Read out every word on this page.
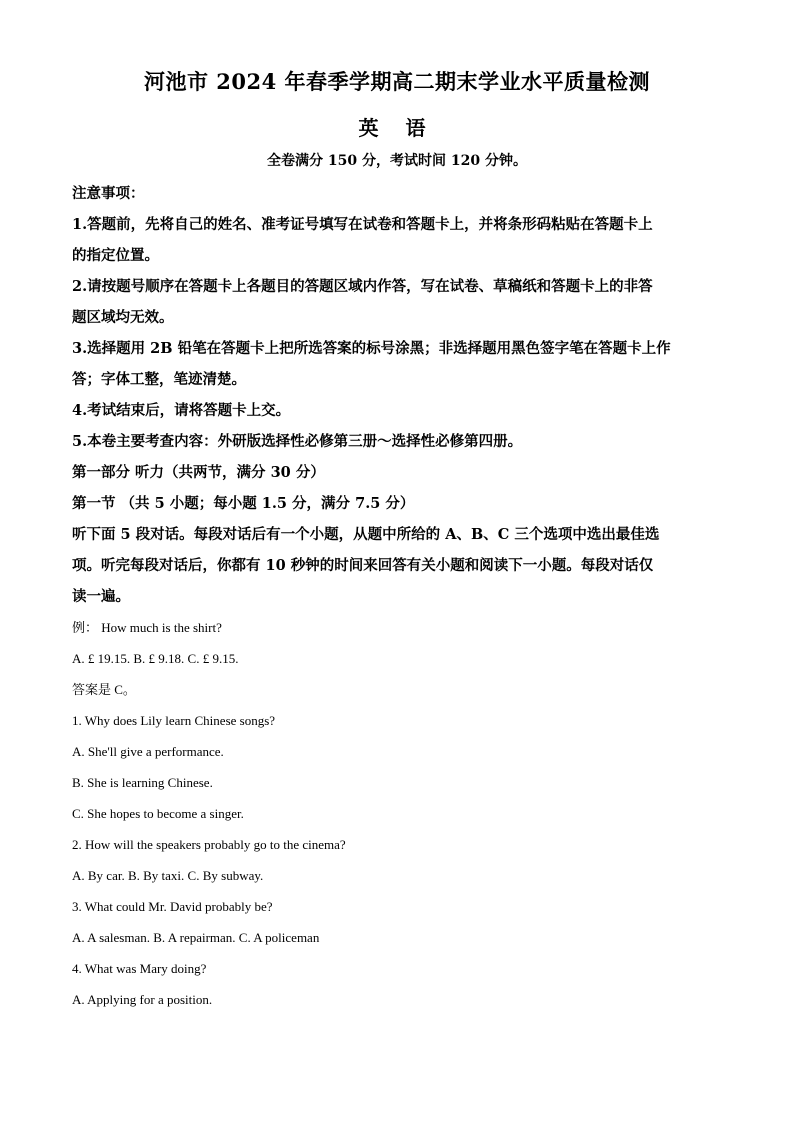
河池市 2024 年春季学期高二期末学业水平质量检测
英 语
全卷满分 150 分，考试时间 120 分钟。

注意事项：

1.答题前，先将自己的姓名、准考证号填写在试卷和答题卡上，并将条形码粘贴在答题卡上

的指定位置。

2.请按题号顺序在答题卡上各题目的答题区域内作答，写在试卷、草稿纸和答题卡上的非答

题区域均无效。

3.选择题用 2B 铅笔在答题卡上把所选答案的标号涂黑；非选择题用黑色签字笔在答题卡上作

答；字体工整，笔迹清楚。

4.考试结束后，请将答题卡上交。

5.本卷主要考查内容：外研版选择性必修第三册～选择性必修第四册。

第一部分 听力（共两节，满分 30 分）

第一节 （共 5 小题；每小题 1.5 分，满分 7.5 分）

听下面 5 段对话。每段对话后有一个小题，从题中所给的 A、B、C 三个选项中选出最佳选

项。听完每段对话后，你都有 10 秒钟的时间来回答有关小题和阅读下一小题。每段对话仅

读一遍。

例： How much is the shirt?

A. £ 19.15. B. £ 9.18. C. £ 9.15.

答案是 C。

1. Why does Lily learn Chinese songs?

A. She'll give a performance.

B. She is learning Chinese.

C. She hopes to become a singer.

2. How will the speakers probably go to the cinema?

A. By car. B. By taxi. C. By subway.

3. What could Mr. David probably be?

A. A salesman. B. A repairman. C. A policeman

4. What was Mary doing?

A. Applying for a position.
